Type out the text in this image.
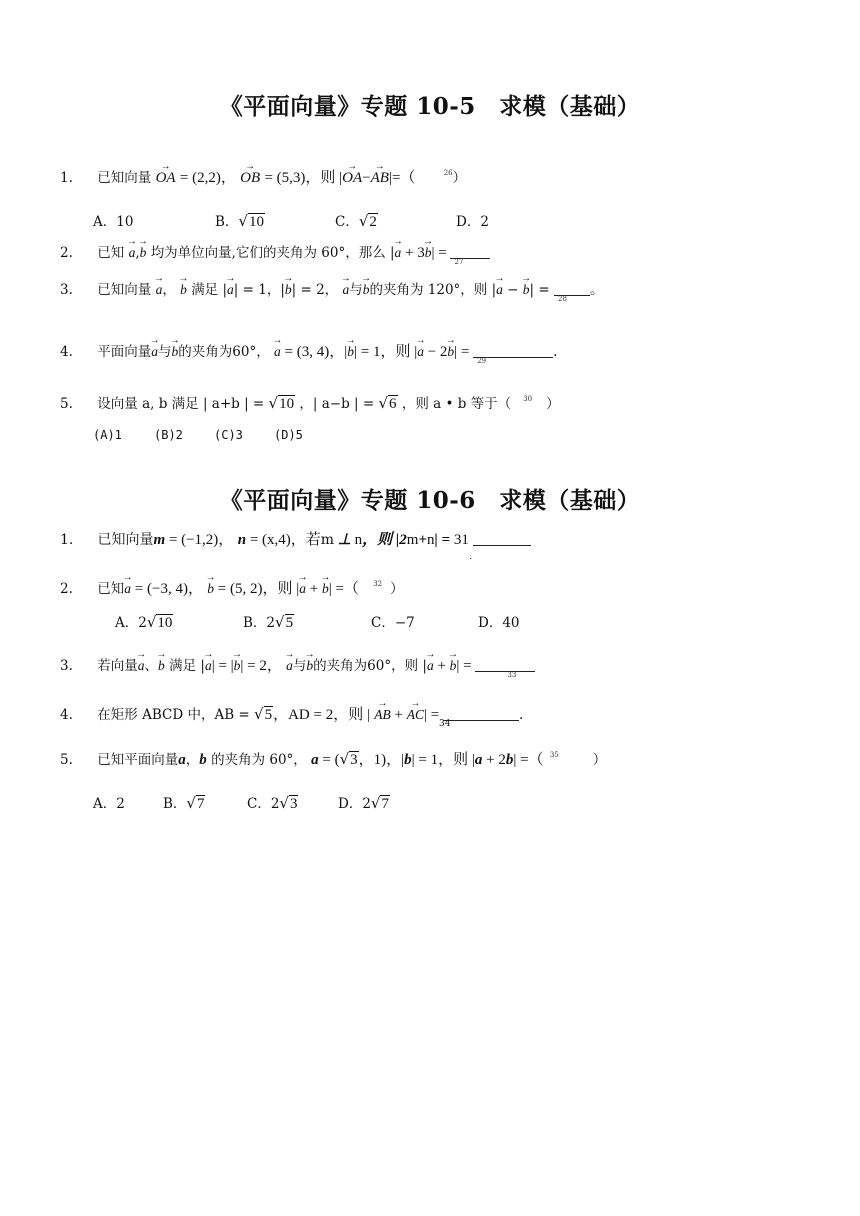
《平面向量》专题 10-5　求模（基础）
1. 已知向量 → OA = (2,2)， → OB = (5,3)，则 |→ OA−→ AB|=（	$^{26}$）
A．10	B．√10	C．√2	D．2
2. 已知 → a,→ b 均为单位向量,它们的夹角为 60°，那么 |→ a + 3→ b| =
27
3. 已知向量 → a， → b 满足 |→ a| = 1，|→ b| = 2， → a与→ b的夹角为 120°，则 |→ a − → b| =
28
。
4. 平面向量→ a与→ b的夹角为60°， → a = (3, 4)，|→ b| = 1，则 |→ a − 2→ b| =
29
.
5. 设向量 a, b 满足 | a+b | = √10 ，| a−b | = √6 ，则 a • b 等于（ $^{30}$ ）
(A)1	(B)2	(C)3	(D)5
《平面向量》专题 10-6　求模（基础）
1. 已知向量m = (−1,2)， n = (x,4)，若m ⊥ n，则 |2m+n| = 31
.
2. 已知→ a = (−3, 4)， → b = (5, 2)，则 |→ a + → b| =（ $^{32}$ ）
A．2√10	B．2√5	C．−7	D．40
3. 若向量→ a、→ b 满足 |→ a| = |→ b| = 2， → a与→ b的夹角为60°，则 |→ a + → b| =
33
4. 在矩形 ABCD 中，AB = √5，AD = 2，则 | → AB + → AC| =
34
.
5. 已知平面向量a，b 的夹角为 60°， a = (√3，1)，|b| = 1，则 |a + 2b| =（ $^{35}$	）
A．2	B．√7	C．2√3	D．2√7
